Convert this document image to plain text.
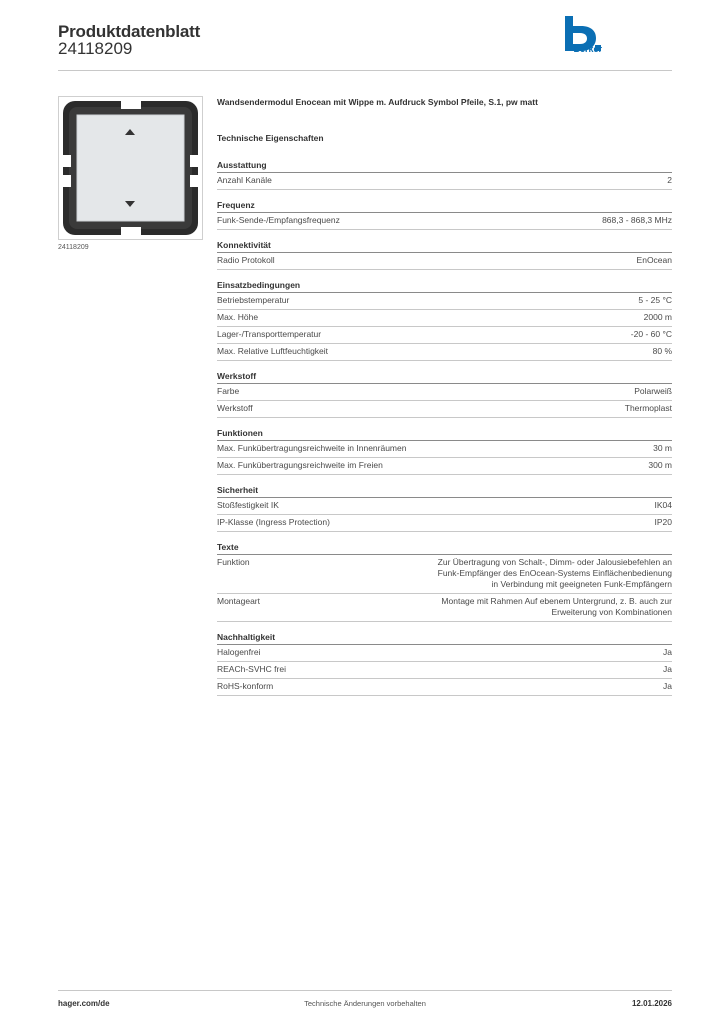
Produktdatenblatt
24118209	Berker
24118209
Wandsendermodul Enocean mit Wippe m. Aufdruck Symbol Pfeile, S.1, pw matt
Technische Eigenschaften
Ausstattung
Anzahl Kanäle	2
Frequenz
Funk-Sende-/Empfangsfrequenz	868,3 - 868,3 MHz
Konnektivität
Radio Protokoll	EnOcean
Einsatzbedingungen
Betriebstemperatur	5 - 25 °C
Max. Höhe	2000 m
Lager-/Transporttemperatur	-20 - 60 °C
Max. Relative Luftfeuchtigkeit	80 %
Werkstoff
Farbe	Polarweiß
Werkstoff	Thermoplast
Funktionen
Max. Funkübertragungsreichweite in Innenräumen	30 m
Max. Funkübertragungsreichweite im Freien	300 m
Sicherheit
Stoßfestigkeit IK	IK04
IP-Klasse (Ingress Protection)	IP20
Texte
Funktion	Zur Übertragung von Schalt-, Dimm- oder Jalousiebefehlen an Funk-Empfänger des EnOcean-Systems Einflächenbedienung in Verbindung mit geeigneten Funk-Empfängern
Montageart	Montage mit Rahmen Auf ebenem Untergrund, z. B. auch zur Erweiterung von Kombinationen
Nachhaltigkeit
Halogenfrei	Ja
REACh-SVHC frei	Ja
RoHS-konform	Ja
hager.com/de	Technische Änderungen vorbehalten	12.01.2026
